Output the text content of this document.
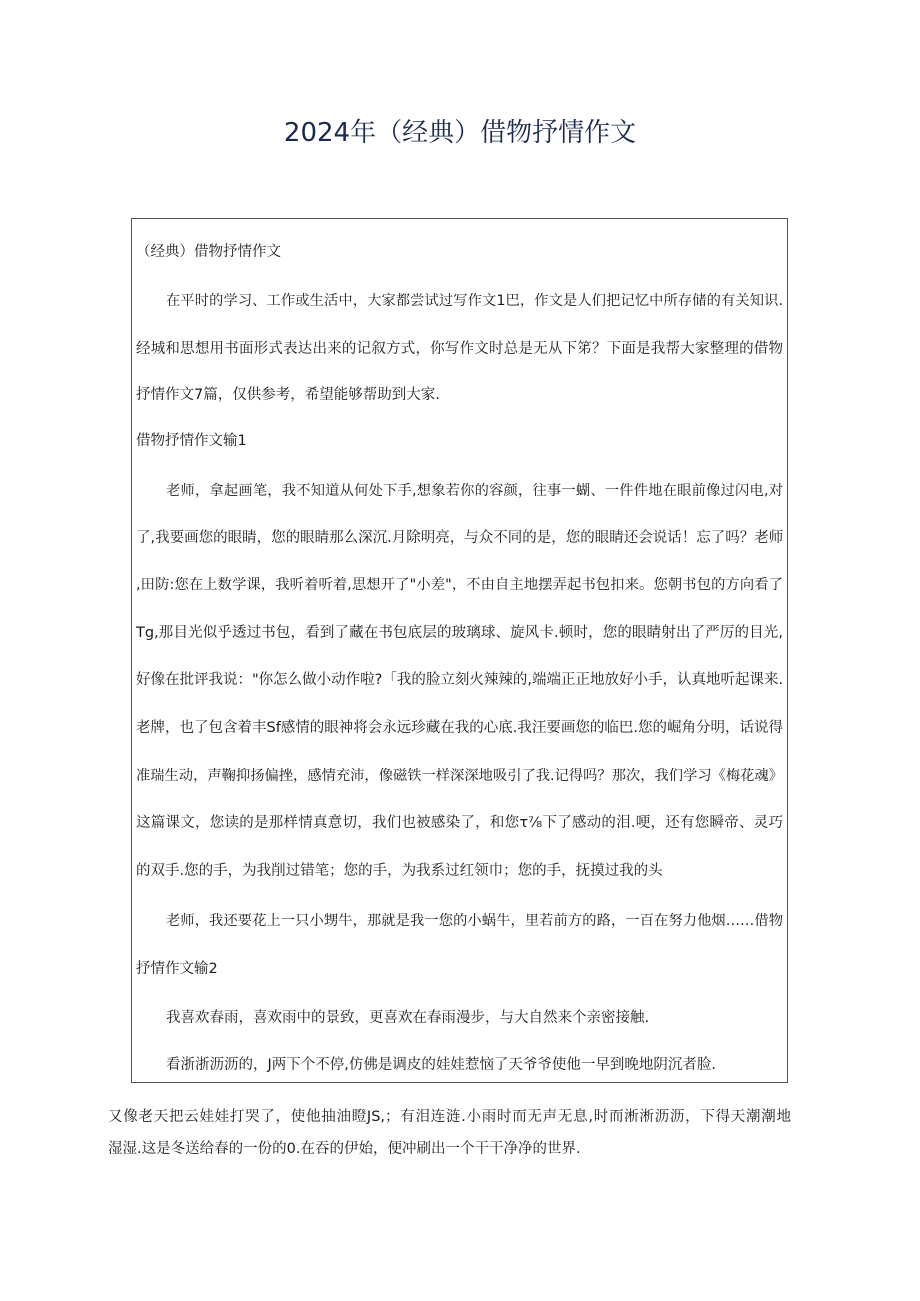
2024年（经典）借物抒情作文
（经典）借物抒情作文
在平时的学习、工作或生活中，大家都尝试过写作文1巴，作文是人们把记忆中所存储的有关知识.
经城和思想用书面形式表达出来的记叙方式，你写作文时总是无从下笫？下面是我帮大家整理的借物
抒情作文7篇，仅供参考，希望能够帮助到大家.
借物抒情作文输1
老师，拿起画笔，我不知道从何处下手,想象若你的容颜，往事一蝴、一件件地在眼前像过闪电,对
了,我要画您的眼睛，您的眼睛那么深沉.月除明亮，与众不同的是，您的眼睛还会说话！忘了吗？老师
,田防:您在上数学课，我听着听着,思想开了"小差"，不由自主地摆弄起书包扣来。您朝书包的方向看了
Tg,那目光似乎透过书包，看到了藏在书包底层的玻璃球、旋风卡.顿时，您的眼睛射出了严厉的目光,
好像在批评我说："你怎么做小动作啦?「我的脸立刻火辣辣的,端端正正地放好小手，认真地听起课来.
老牌，也了包含着丰Sf感情的眼神将会永远珍藏在我的心底.我汪要画您的临巴.您的崛角分明，话说得
准瑞生动，声鞠抑扬偏挫，感情充沛，像磁铁一样深深地吸引了我.记得吗？那次，我们学习《梅花魂》
这篇课文，您读的是那样情真意切，我们也被感染了，和您τ⅞下了感动的泪.哽，还有您瞬帝、灵巧
的双手.您的手，为我削过错笔；您的手，为我系过红领巾；您的手，抚摸过我的头
老师，我还要花上一只小甥牛，那就是我一您的小蜗牛，里若前方的路，一百在努力他烟……借物
抒情作文输2
我喜欢春雨，喜欢雨中的景致，更喜欢在春雨漫步，与大自然来个亲密接触.
看浙浙沥沥的，J两下个不停,仿佛是调皮的娃娃惹恼了天爷爷使他一早到晚地阴沉者脸.
又像老天把云娃娃打哭了，使他抽油瞪JS,；有泪连涟.小雨时而无声无息,时而淅淅沥沥，下得天潮潮地
湿湿.这是冬送给春的一份的0.在吞的伊始，便冲刷出一个干干净净的世界.
